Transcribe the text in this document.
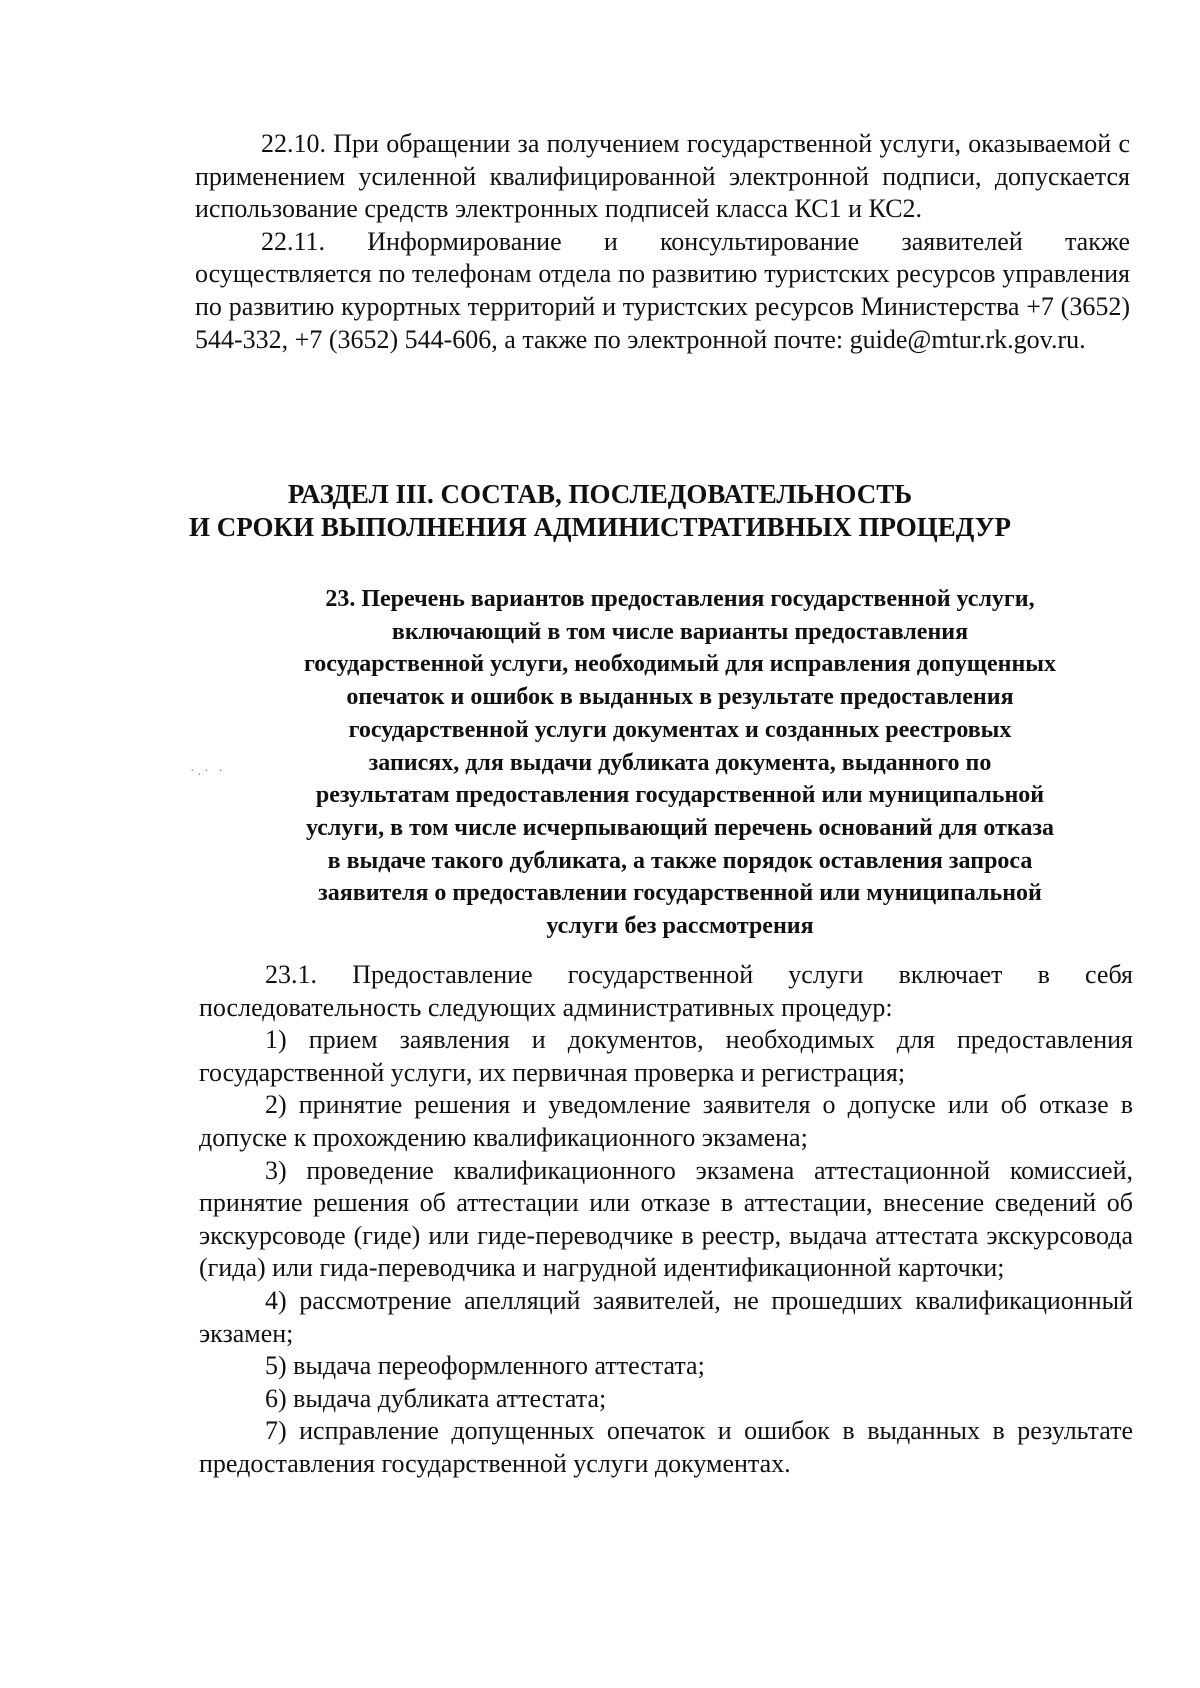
22.10. При обращении за получением государственной услуги, оказываемой с применением усиленной квалифицированной электронной подписи, допускается использование средств электронных подписей класса КС1 и КС2.

22.11. Информирование и консультирование заявителей также осуществляется по телефонам отдела по развитию туристских ресурсов управления по развитию курортных территорий и туристских ресурсов Министерства +7 (3652) 544-332, +7 (3652) 544-606, а также по электронной почте: guide@mtur.rk.gov.ru.

РАЗДЕЛ III. СОСТАВ, ПОСЛЕДОВАТЕЛЬНОСТЬ
И СРОКИ ВЫПОЛНЕНИЯ АДМИНИСТРАТИВНЫХ ПРОЦЕДУР
·.· ·
23. Перечень вариантов предоставления государственной услуги,
включающий в том числе варианты предоставления
государственной услуги, необходимый для исправления допущенных
опечаток и ошибок в выданных в результате предоставления
государственной услуги документах и созданных реестровых
записях, для выдачи дубликата документа, выданного по
результатам предоставления государственной или муниципальной
услуги, в том числе исчерпывающий перечень оснований для отказа
в выдаче такого дубликата, а также порядок оставления запроса
заявителя о предоставлении государственной или муниципальной
услуги без рассмотрения

23.1. Предоставление государственной услуги включает в себя последовательность следующих административных процедур:

1) прием заявления и документов, необходимых для предоставления государственной услуги, их первичная проверка и регистрация;

2) принятие решения и уведомление заявителя о допуске или об отказе в допуске к прохождению квалификационного экзамена;

3) проведение квалификационного экзамена аттестационной комиссией, принятие решения об аттестации или отказе в аттестации, внесение сведений об экскурсоводе (гиде) или гиде-переводчике в реестр, выдача аттестата экскурсовода (гида) или гида-переводчика и нагрудной идентификационной карточки;

4) рассмотрение апелляций заявителей, не прошедших квалификационный экзамен;

5) выдача переоформленного аттестата;

6) выдача дубликата аттестата;

7) исправление допущенных опечаток и ошибок в выданных в результате предоставления государственной услуги документах.
